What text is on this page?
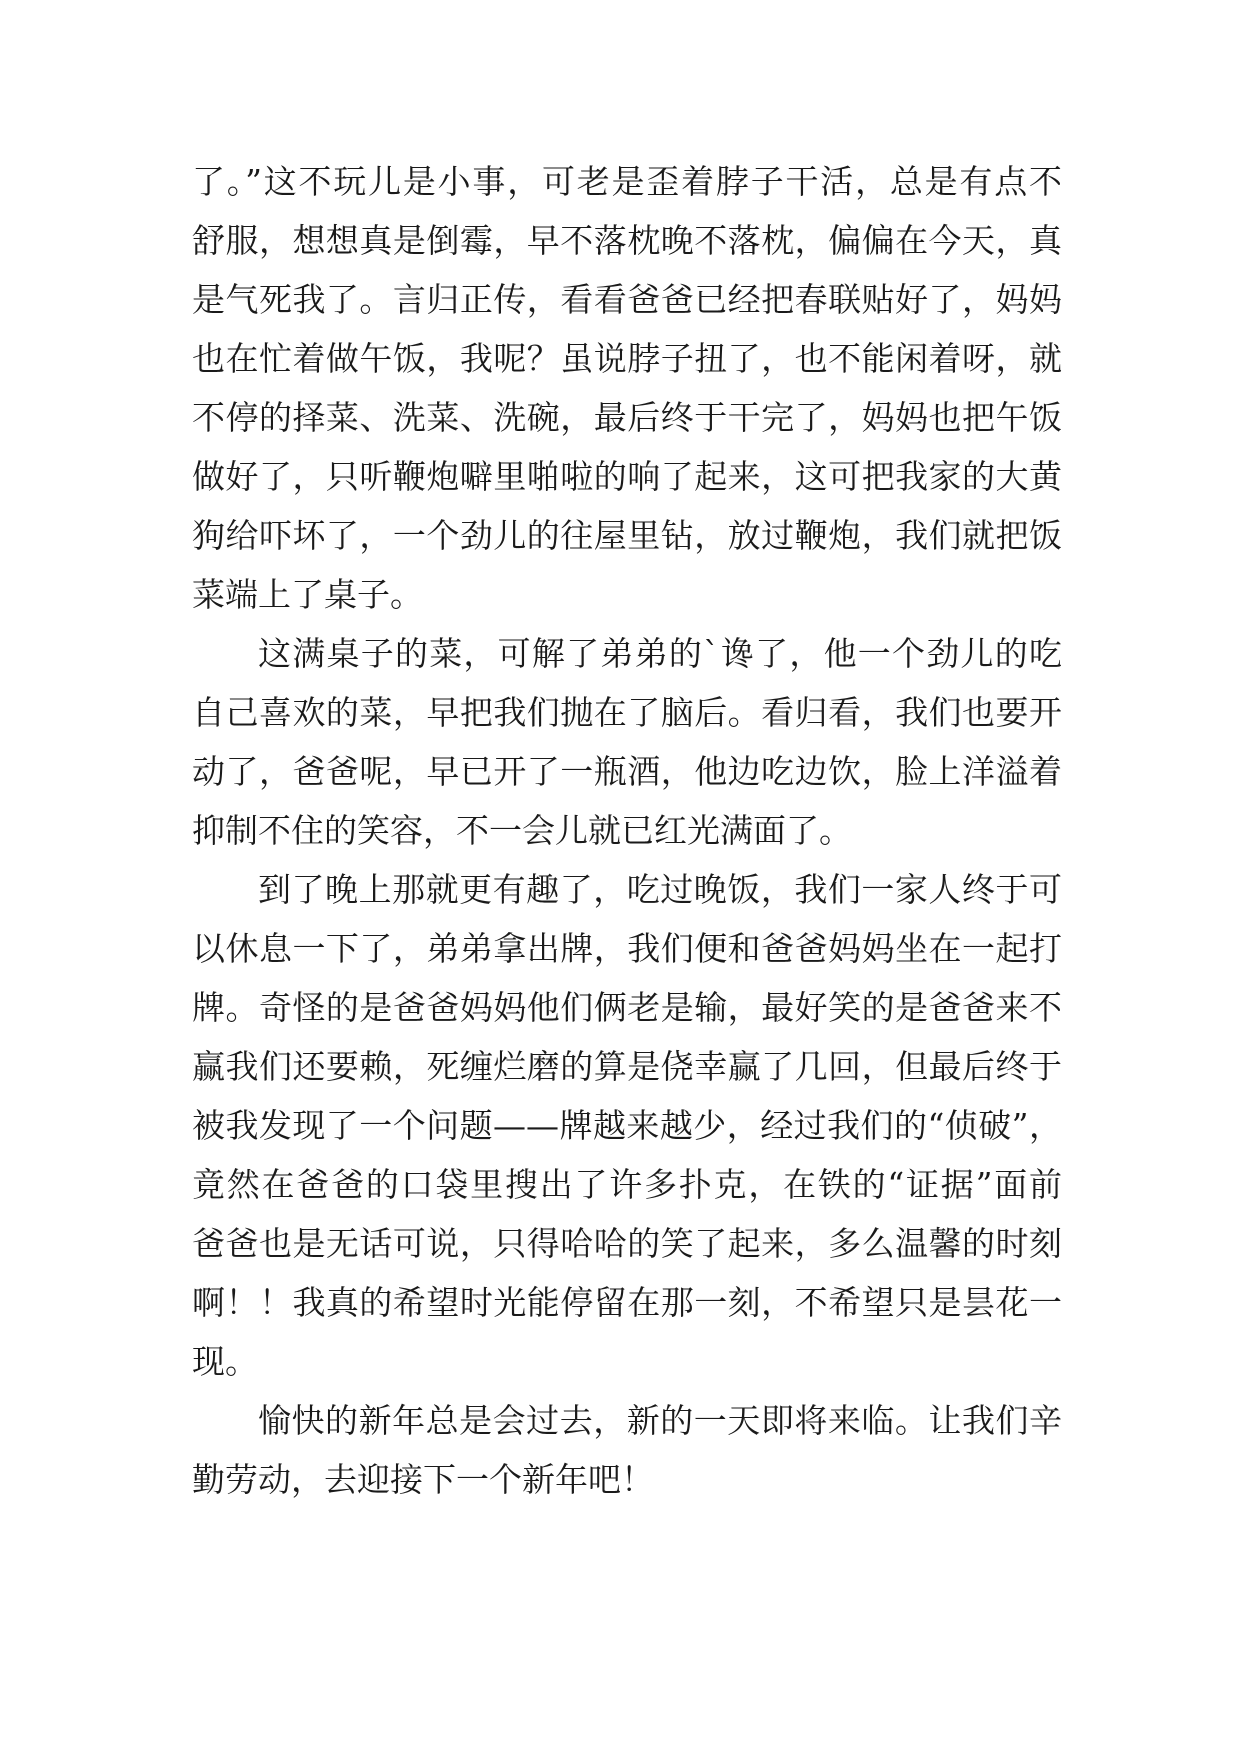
了。”这不玩儿是小事，可老是歪着脖子干活，总是有点不
舒服，想想真是倒霉，早不落枕晚不落枕，偏偏在今天，真
是气死我了。言归正传，看看爸爸已经把春联贴好了，妈妈
也在忙着做午饭，我呢？虽说脖子扭了，也不能闲着呀，就
不停的择菜、洗菜、洗碗，最后终于干完了，妈妈也把午饭
做好了，只听鞭炮噼里啪啦的响了起来，这可把我家的大黄
狗给吓坏了，一个劲儿的往屋里钻，放过鞭炮，我们就把饭
菜端上了桌子。
这满桌子的菜，可解了弟弟的`谗了，他一个劲儿的吃
自己喜欢的菜，早把我们抛在了脑后。看归看，我们也要开
动了，爸爸呢，早已开了一瓶酒，他边吃边饮，脸上洋溢着
抑制不住的笑容，不一会儿就已红光满面了。
到了晚上那就更有趣了，吃过晚饭，我们一家人终于可
以休息一下了，弟弟拿出牌，我们便和爸爸妈妈坐在一起打
牌。奇怪的是爸爸妈妈他们俩老是输，最好笑的是爸爸来不
赢我们还要赖，死缠烂磨的算是侥幸赢了几回，但最后终于
被我发现了一个问题——牌越来越少，经过我们的“侦破”，
竟然在爸爸的口袋里搜出了许多扑克，在铁的“证据”面前
爸爸也是无话可说，只得哈哈的笑了起来，多么温馨的时刻
啊！！我真的希望时光能停留在那一刻，不希望只是昙花一
现。
愉快的新年总是会过去，新的一天即将来临。让我们辛
勤劳动，去迎接下一个新年吧！
